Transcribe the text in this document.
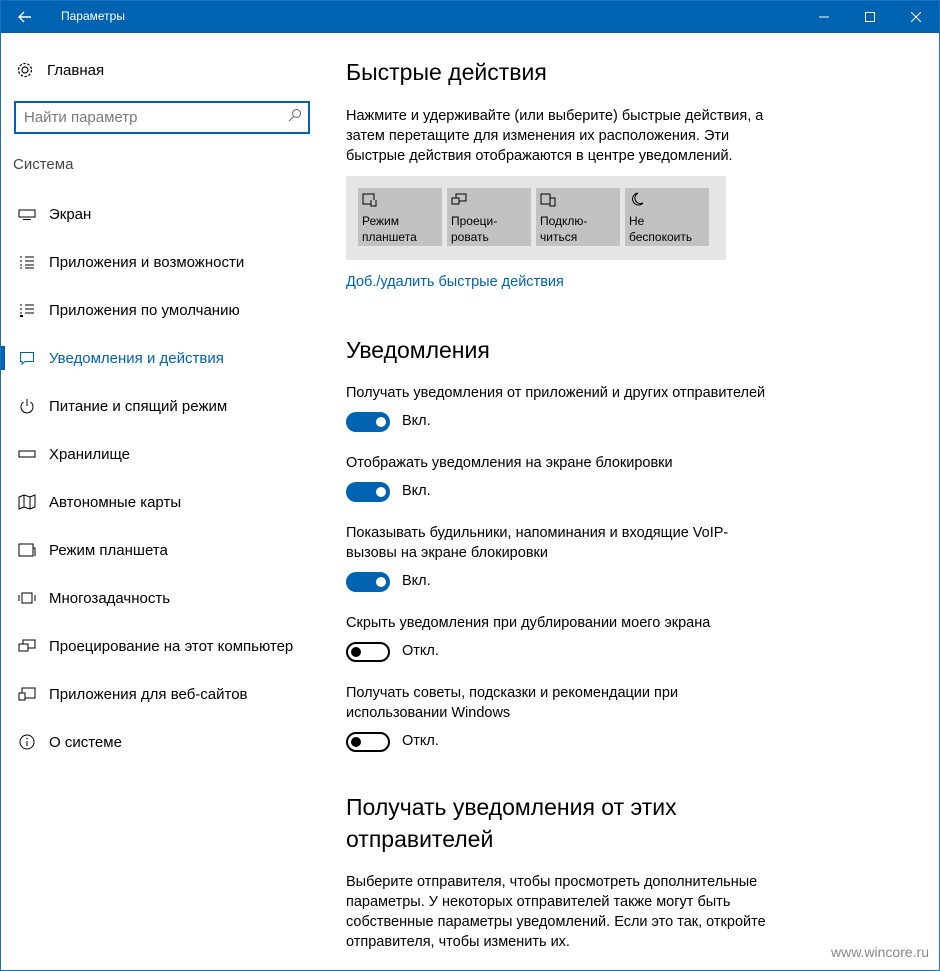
Параметры
Главная
Найти параметр
Система
Экран
Приложения и возможности
Приложения по умолчанию
Уведомления и действия
Питание и спящий режим
Хранилище
Автономные карты
Режим планшета
Многозадачность
Проецирование на этот компьютер
Приложения для веб-сайтов
О системе
Быстрые действия
Нажмите и удерживайте (или выберите) быстрые действия, а затем перетащите для изменения их расположения. Эти быстрые действия отображаются в центре уведомлений.
Режим
планшета
Проеци-
ровать
Подклю-
читься
Не
беспокоить
Доб./удалить быстрые действия
Уведомления
Получать уведомления от приложений и других отправителей
Вкл.
Отображать уведомления на экране блокировки
Вкл.
Показывать будильники, напоминания и входящие VoIP-вызовы на экране блокировки
Вкл.
Скрыть уведомления при дублировании моего экрана
Откл.
Получать советы, подсказки и рекомендации при использовании Windows
Откл.
Получать уведомления от этих отправителей
Выберите отправителя, чтобы просмотреть дополнительные параметры. У некоторых отправителей также могут быть собственные параметры уведомлений. Если это так, откройте отправителя, чтобы изменить их.
www.wincore.ru
